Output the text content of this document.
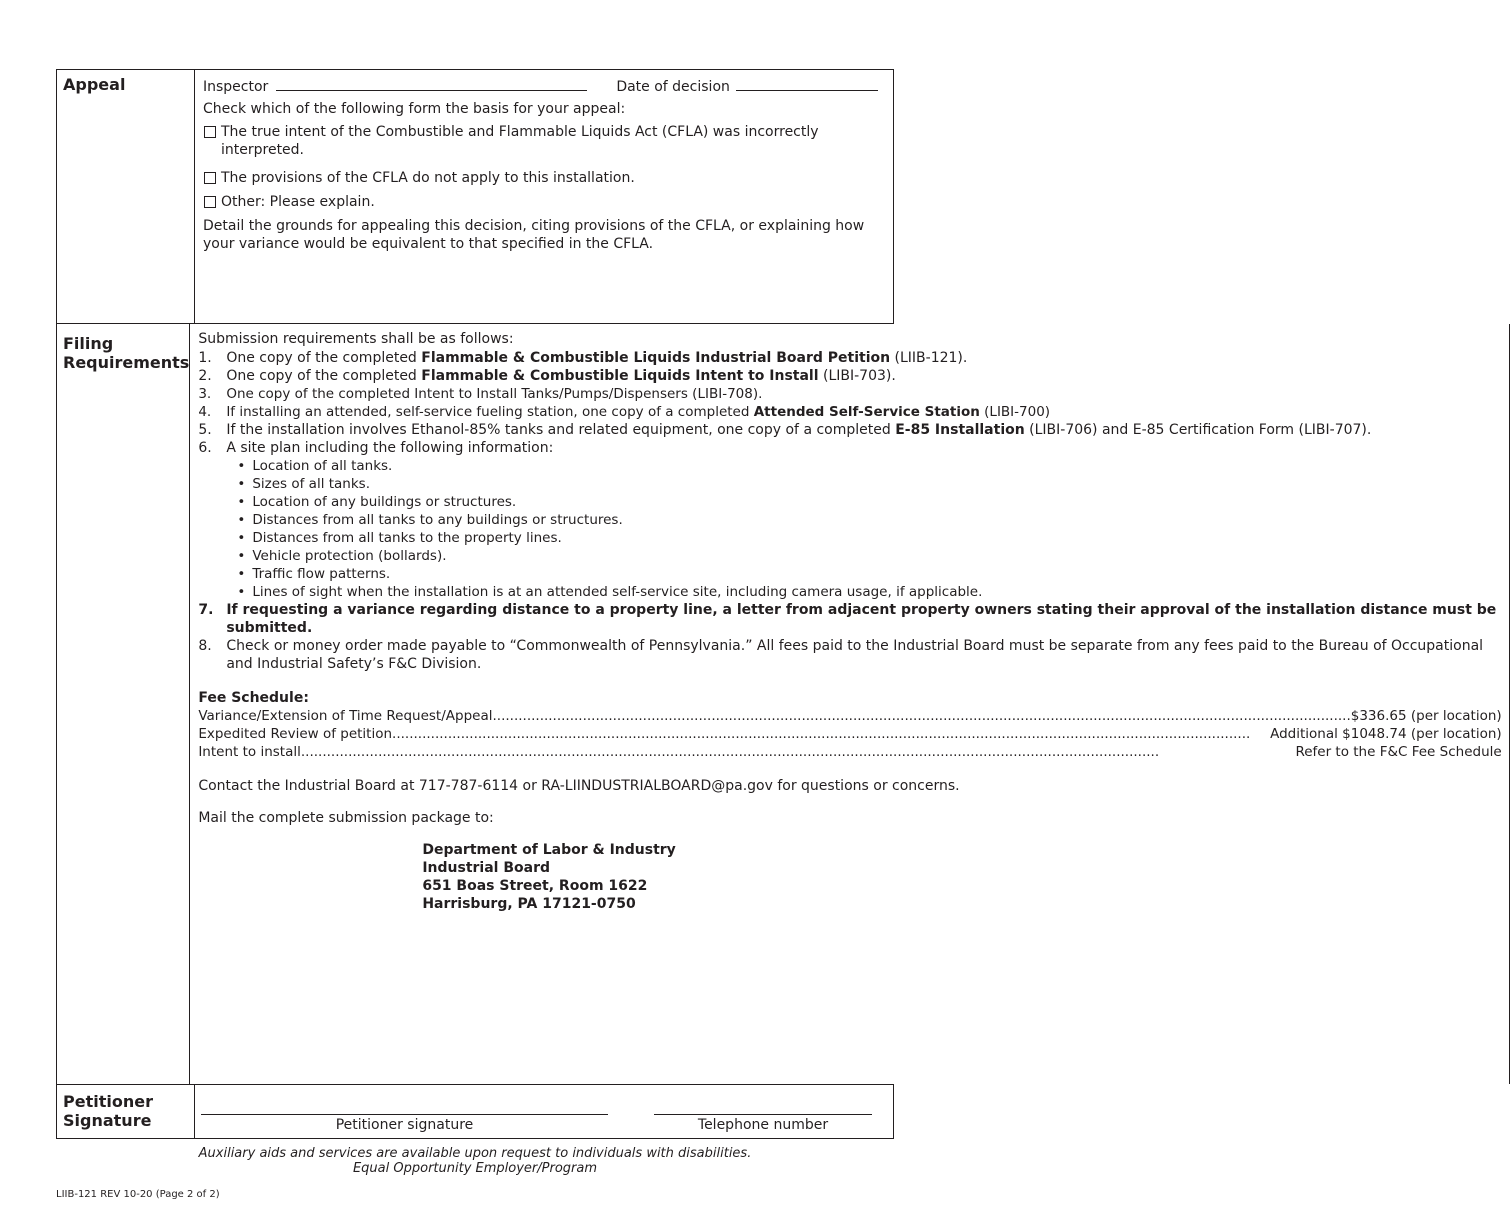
Appeal	Inspector	Date of decision
Check which of the following form the basis for your appeal:
The true intent of the Combustible and Flammable Liquids Act (CFLA) was incorrectly interpreted.
The provisions of the CFLA do not apply to this installation.
Other: Please explain.
Detail the grounds for appealing this decision, citing provisions of the CFLA, or explaining how your variance would be equivalent to that specified in the CFLA.
Filing
Requirements
Submission requirements shall be as follows:
1.	One copy of the completed Flammable & Combustible Liquids Industrial Board Petition (LIIB-121).
2.	One copy of the completed Flammable & Combustible Liquids Intent to Install (LIBI-703).
3.	One copy of the completed Intent to Install Tanks/Pumps/Dispensers (LIBI-708).
4.	If installing an attended, self-service fueling station, one copy of a completed Attended Self-Service Station (LIBI-700)
5.	If the installation involves Ethanol-85% tanks and related equipment, one copy of a completed E-85 Installation (LIBI-706) and E-85 Certification Form (LIBI-707).
6.	A site plan including the following information:
• Location of all tanks.
• Sizes of all tanks.
• Location of any buildings or structures.
• Distances from all tanks to any buildings or structures.
• Distances from all tanks to the property lines.
• Vehicle protection (bollards).
• Traffic flow patterns.
• Lines of sight when the installation is at an attended self-service site, including camera usage, if applicable.
7. If requesting a variance regarding distance to a property line, a letter from adjacent property owners stating their approval of the installation distance must be submitted.
8.	Check or money order made payable to “Commonwealth of Pennsylvania.” All fees paid to the Industrial Board must be separate from any fees paid to the Bureau of Occupational and Industrial Safety’s F&C Division.
Fee Schedule:
Variance/Extension of Time Request/Appeal .....	$336.65 (per location)
Expedited Review of petition .....	Additional $1048.74 (per location)
Intent to install .....	Refer to the F&C Fee Schedule
Contact the Industrial Board at 717-787-6114 or RA-LIINDUSTRIALBOARD@pa.gov for questions or concerns.
Mail the complete submission package to:
Department of Labor & Industry
Industrial Board
651 Boas Street, Room 1622
Harrisburg, PA 17121-0750
Petitioner
Signature	Petitioner signature	Telephone number
Auxiliary aids and services are available upon request to individuals with disabilities.
Equal Opportunity Employer/Program
LIIB-121 REV 10-20 (Page 2 of 2)
